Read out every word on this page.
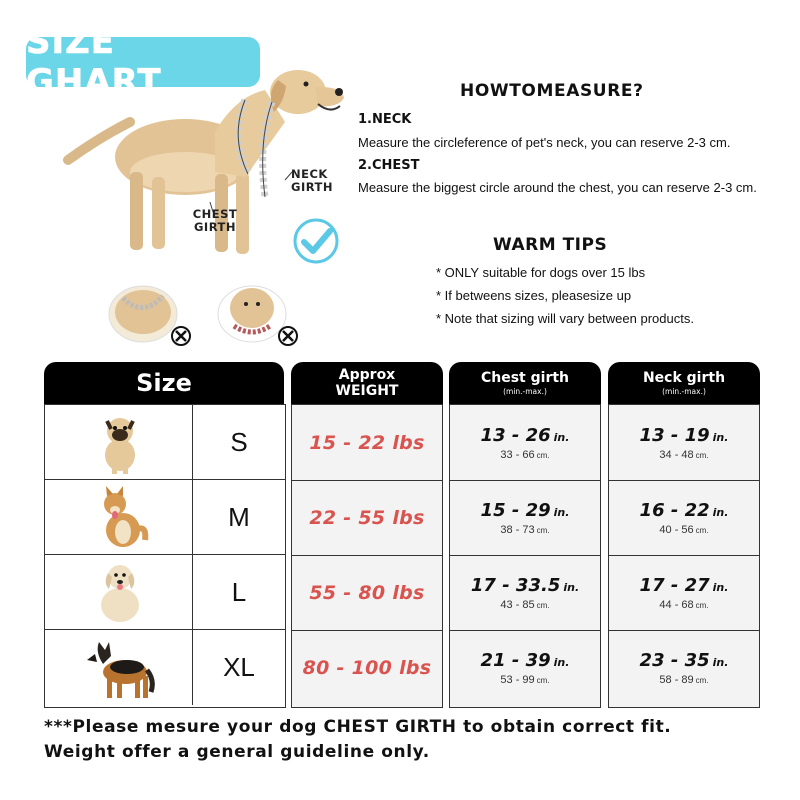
SIZE GHART
NECK
GIRTH
CHEST
GIRTH
HOWTOMEASURE?
1.NECK
Measure the circleference of pet's neck, you can reserve 2-3 cm.
2.CHEST
Measure the biggest circle around the chest, you can reserve 2-3 cm.
WARM TIPS
* ONLY suitable for dogs over 15 lbs
* If betweens sizes, pleasesize up
* Note that sizing will vary between products.
Size	Approx
WEIGHT
Chest girth
(min.-max.)
Neck girth
(min.-max.)
S
M
L
XL
15 - 22 lbs
22 - 55 lbs
55 - 80 lbs
80 - 100 lbs
13 - 26 in.
33 - 66 cm.
15 - 29 in.
38 - 73 cm.
17 - 33.5 in.
43 - 85 cm.
21 - 39 in.
53 - 99 cm.
13 - 19 in.
34 - 48 cm.
16 - 22 in.
40 - 56 cm.
17 - 27 in.
44 - 68 cm.
23 - 35 in.
58 - 89 cm.
***Please mesure your dog CHEST GIRTH to obtain correct fit.
Weight offer a general guideline only.
